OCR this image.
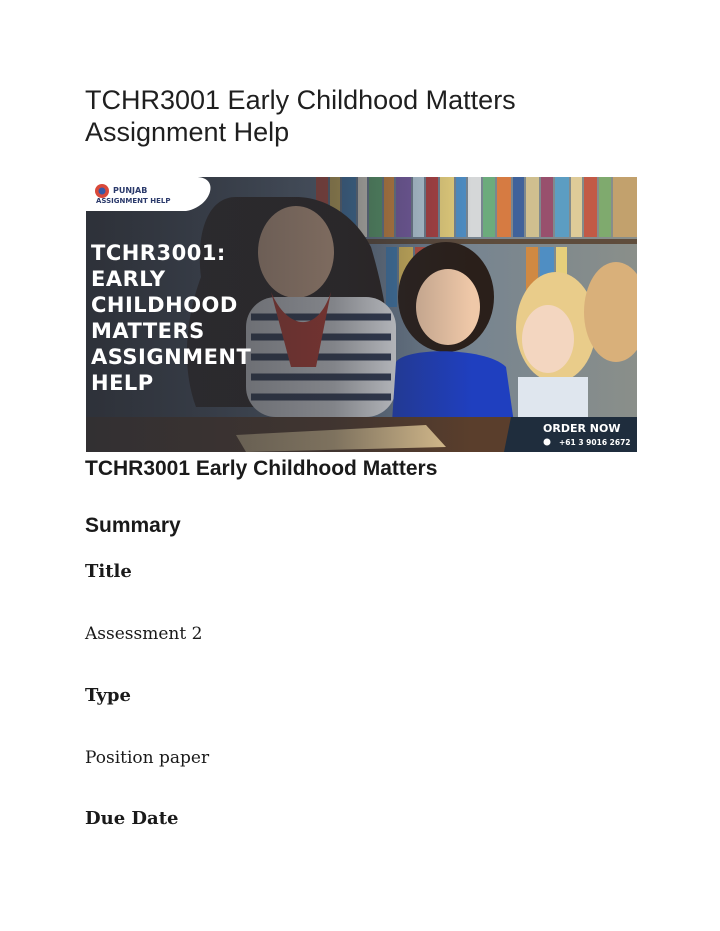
TCHR3001 Early Childhood Matters Assignment Help
PUNJAB
ASSIGNMENT HELP
TCHR3001:
EARLY
CHILDHOOD
MATTERS
ASSIGNMENT
HELP
ORDER NOW
+61 3 9016 2672
TCHR3001 Early Childhood Matters
Summary

Title

Assessment 2

Type

Position paper

Due Date
